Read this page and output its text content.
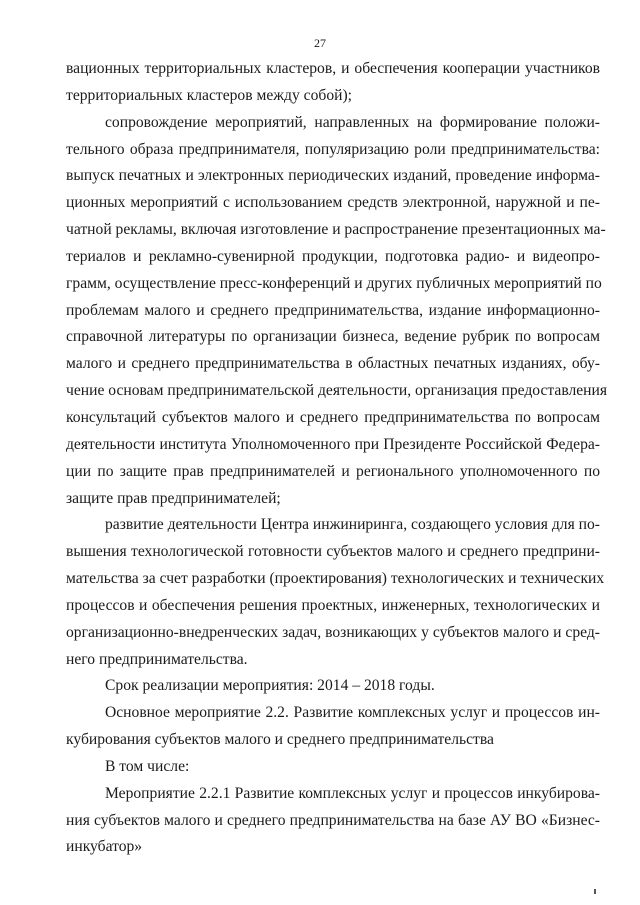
27
вационных территориальных кластеров, и обеспечения кооперации участников
территориальных кластеров между собой);
сопровождение мероприятий, направленных на формирование положи-
тельного образа предпринимателя, популяризацию роли предпринимательства:
выпуск печатных и электронных периодических изданий, проведение информа-
ционных мероприятий с использованием средств электронной, наружной и пе-
чатной рекламы, включая изготовление и распространение презентационных ма-
териалов и рекламно-сувенирной продукции, подготовка радио- и видеопро-
грамм, осуществление пресс-конференций и других публичных мероприятий по
проблемам малого и среднего предпринимательства, издание информационно-
справочной литературы по организации бизнеса, ведение рубрик по вопросам
малого и среднего предпринимательства в областных печатных изданиях, обу-
чение основам предпринимательской деятельности, организация предоставления
консультаций субъектов малого и среднего предпринимательства по вопросам
деятельности института Уполномоченного при Президенте Российской Федера-
ции по защите прав предпринимателей и регионального уполномоченного по
защите прав предпринимателей;
развитие деятельности Центра инжиниринга, создающего условия для по-
вышения технологической готовности субъектов малого и среднего предприни-
мательства за счет разработки (проектирования) технологических и технических
процессов и обеспечения решения проектных, инженерных, технологических и
организационно-внедренческих задач, возникающих у субъектов малого и сред-
него предпринимательства.
Срок реализации мероприятия: 2014 – 2018 годы.
Основное мероприятие 2.2. Развитие комплексных услуг и процессов ин-
кубирования субъектов малого и среднего предпринимательства
В том числе:
Мероприятие 2.2.1 Развитие комплексных услуг и процессов инкубирова-
ния субъектов малого и среднего предпринимательства на базе АУ ВО «Бизнес-
инкубатор»
